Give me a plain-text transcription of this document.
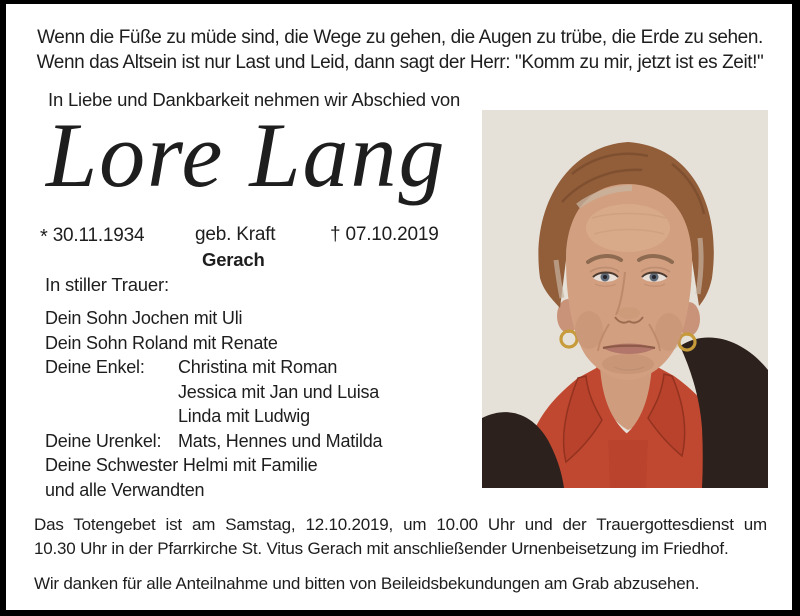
Wenn die Füße zu müde sind, die Wege zu gehen, die Augen zu trübe, die Erde zu sehen.
Wenn das Altsein ist nur Last und Leid, dann sagt der Herr: "Komm zu mir, jetzt ist es Zeit!"
In Liebe und Dankbarkeit nehmen wir Abschied von
Lore Lang
* 30.11.1934	geb. Kraft	† 07.10.2019
Gerach
In stiller Trauer:
Dein Sohn Jochen mit Uli
Dein Sohn Roland mit Renate
Deine Enkel: Christina mit Roman
Jessica mit Jan und Luisa
Linda mit Ludwig
Deine Urenkel: Mats, Hennes und Matilda
Deine Schwester Helmi mit Familie
und alle Verwandten
Das Totengebet ist am Samstag, 12.10.2019, um 10.00 Uhr und der Trauergottesdienst um
10.30 Uhr in der Pfarrkirche St. Vitus Gerach mit anschließender Urnenbeisetzung im Friedhof.
Wir danken für alle Anteilnahme und bitten von Beileidsbekundungen am Grab abzusehen.
